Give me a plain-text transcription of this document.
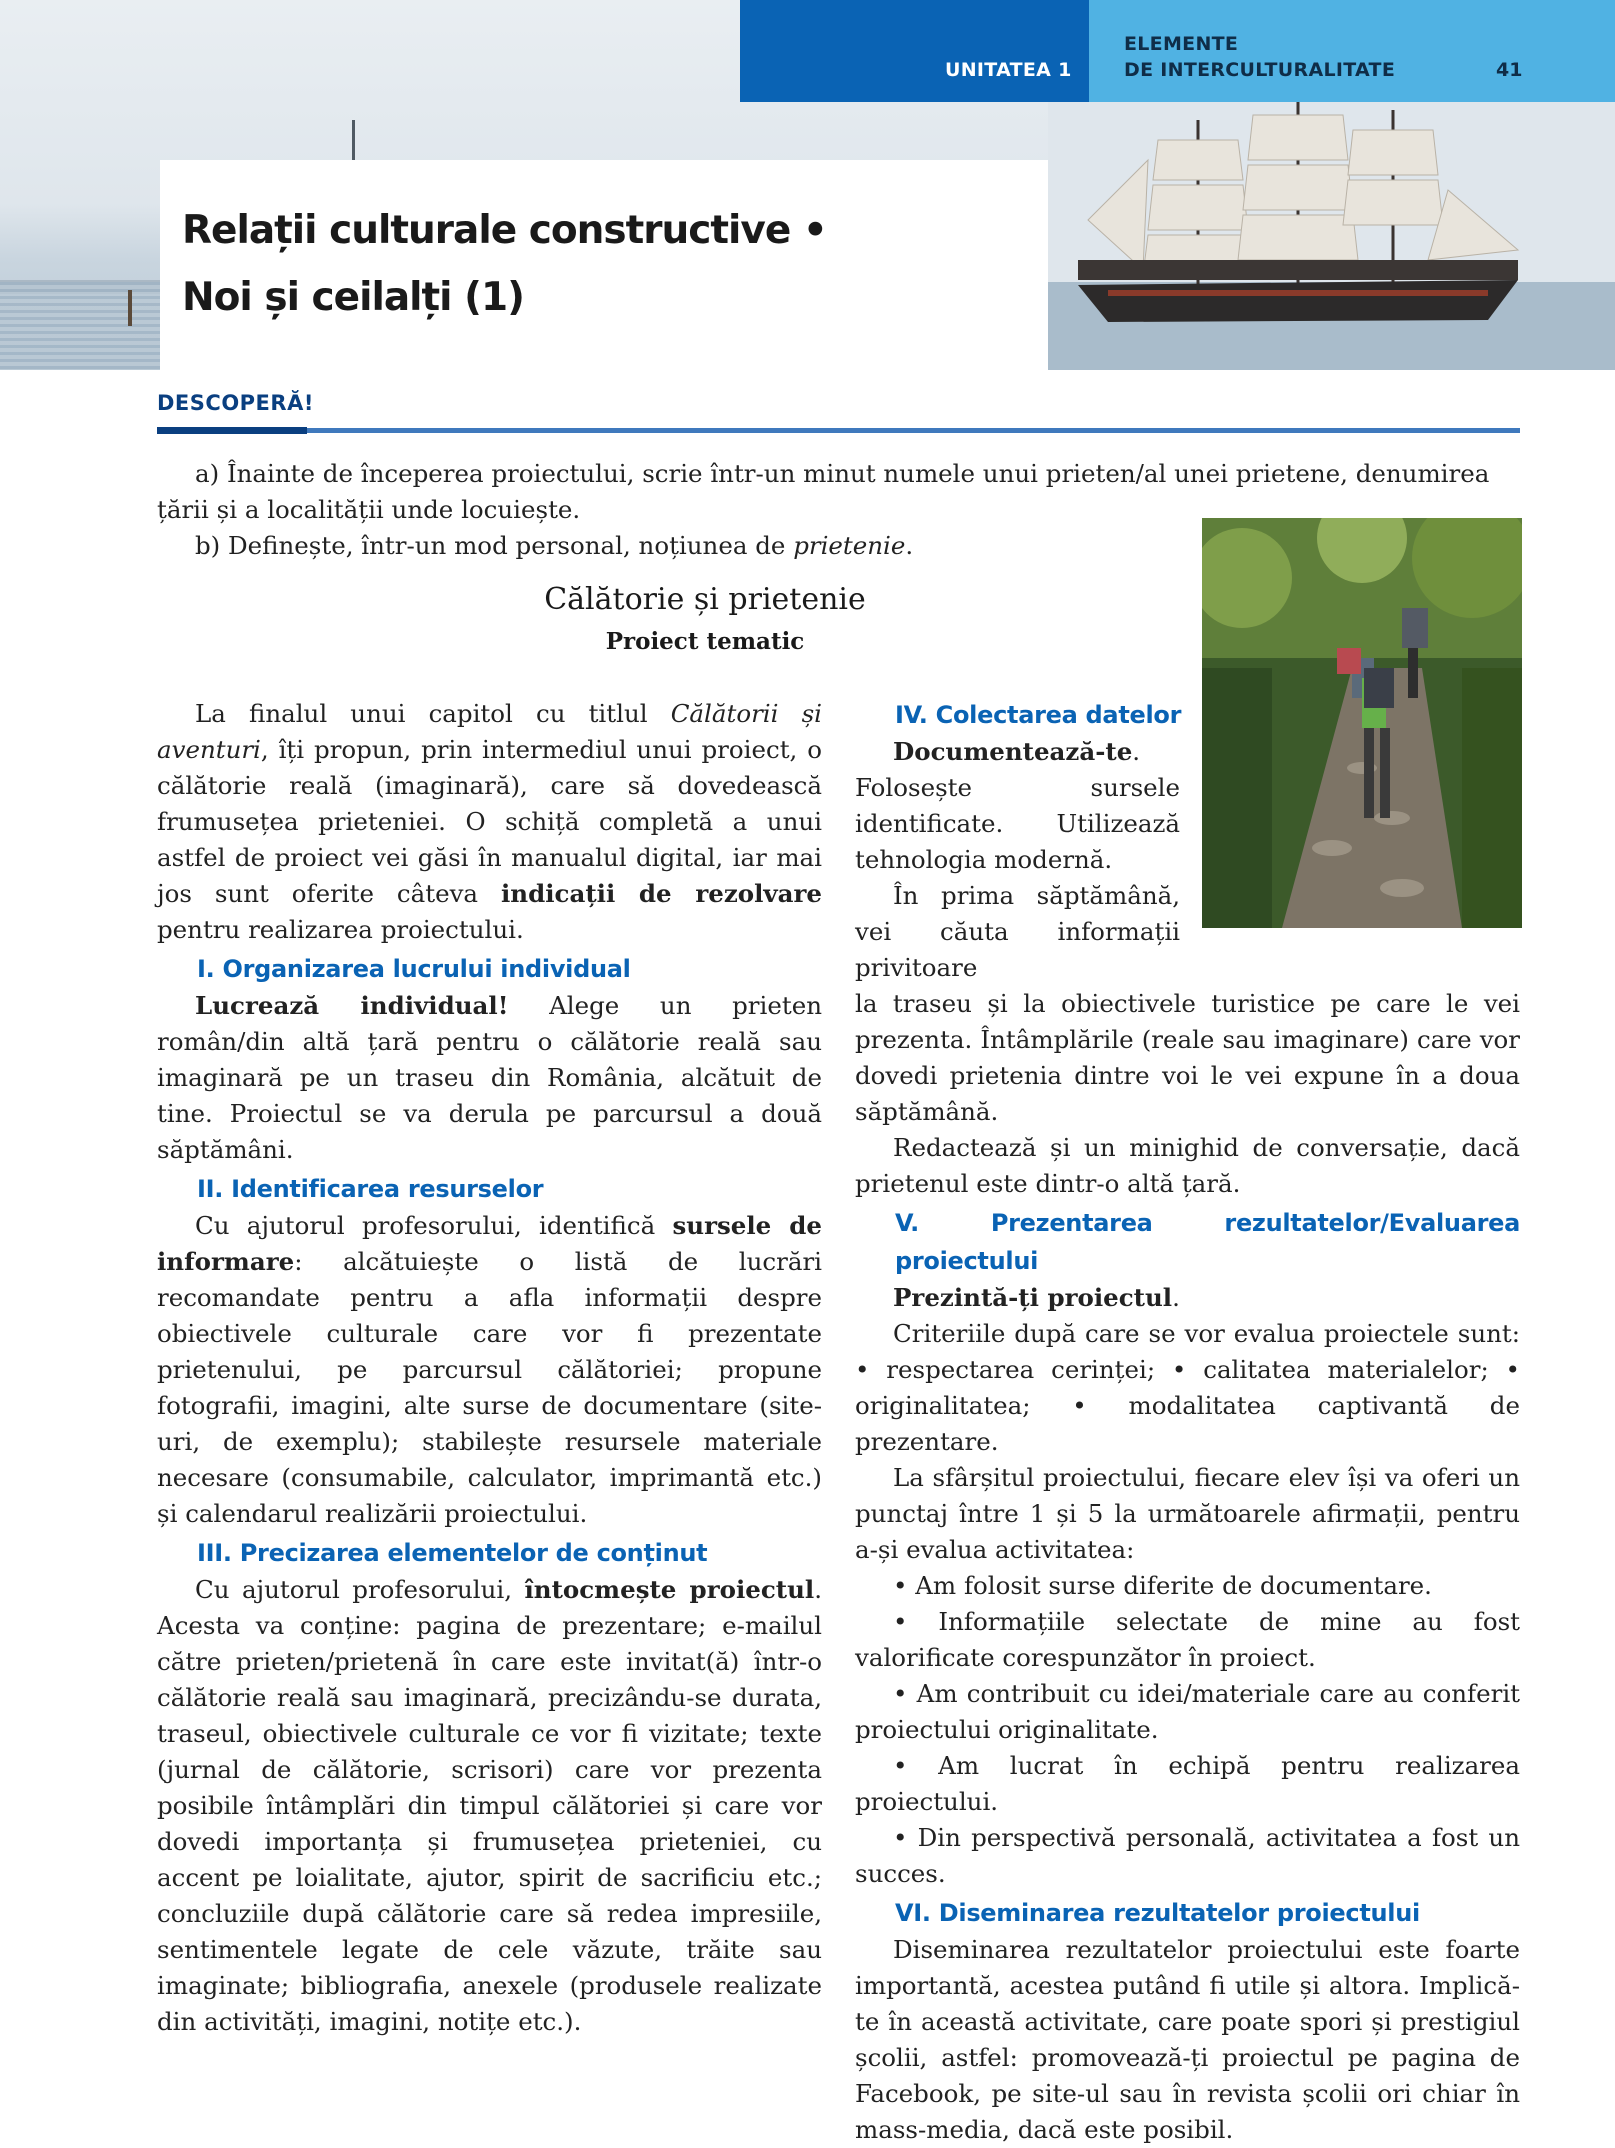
UNITATEA 1
ELEMENTE
DE INTERCULTURALITATE	41
Relații culturale constructive •
Noi și ceilalți (1)
DESCOPERĂ!

a) Înainte de începerea proiectului, scrie într-un minut numele unui prieten/al unei prietene, denumirea țării și a localității unde locuiește.

b) Definește, într-un mod personal, noțiunea de prietenie.

Călătorie și prietenie
Proiect tematic

La finalul unui capitol cu titlul Călătorii și aventuri, îți propun, prin intermediul unui proiect, o călătorie reală (imaginară), care să dovedească frumusețea prieteniei. O schiță completă a unui astfel de proiect vei găsi în manualul digital, iar mai jos sunt oferite câteva indicații de rezolvare pentru realizarea proiectului.

I. Organizarea lucrului individual

Lucrează individual! Alege un prieten român/din altă țară pentru o călătorie reală sau imaginară pe un traseu din România, alcătuit de tine. Proiectul se va derula pe parcursul a două săptămâni.

II. Identificarea resurselor

Cu ajutorul profesorului, identifică sursele de informare: alcătuiește o listă de lucrări recomandate pentru a afla informații despre obiectivele culturale care vor fi prezentate prietenului, pe parcursul călătoriei; propune fotografii, imagini, alte surse de documentare (site-uri, de exemplu); stabilește resursele materiale necesare (consumabile, calculator, imprimantă etc.) și calendarul realizării proiectului.

III. Precizarea elementelor de conținut

Cu ajutorul profesorului, întocmește proiectul. Acesta va conține: pagina de prezentare; e-mailul către prieten/prietenă în care este invitat(ă) într-o călătorie reală sau imaginară, precizându-se durata, traseul, obiectivele culturale ce vor fi vizitate; texte (jurnal de călătorie, scrisori) care vor prezenta posibile întâmplări din timpul călătoriei și care vor dovedi importanța și frumusețea prieteniei, cu accent pe loialitate, ajutor, spirit de sacrificiu etc.; concluziile după călătorie care să redea impresiile, sentimentele legate de cele văzute, trăite sau imaginate; bibliografia, anexele (produsele realizate din activități, imagini, notițe etc.).

IV. Colectarea datelor

Documentează-te. Folosește sursele identificate. Utilizează tehnologia modernă.

În prima săptămână, vei căuta informații privitoare
la traseu și la obiectivele turistice pe care le vei prezenta. Întâmplările (reale sau imaginare) care vor dovedi prietenia dintre voi le vei expune în a doua săptămână.

Redactează și un minighid de conversație, dacă prietenul este dintr-o altă țară.

V. Prezentarea rezultatelor/Evaluarea proiectului

Prezintă-ți proiectul.

Criteriile după care se vor evalua proiectele sunt: • respectarea cerinței; • calitatea materialelor; • originalitatea; • modalitatea captivantă de prezentare.

La sfârșitul proiectului, fiecare elev își va oferi un punctaj între 1 și 5 la următoarele afirmații, pentru a-și evalua activitatea:

• Am folosit surse diferite de documentare.

• Informațiile selectate de mine au fost valorificate corespunzător în proiect.

• Am contribuit cu idei/materiale care au conferit proiectului originalitate.

• Am lucrat în echipă pentru realizarea proiectului.

• Din perspectivă personală, activitatea a fost un succes.

VI. Diseminarea rezultatelor proiectului

Diseminarea rezultatelor proiectului este foarte importantă, acestea putând fi utile și altora. Implică-te în această activitate, care poate spori și prestigiul școlii, astfel: promovează-ți proiectul pe pagina de Facebook, pe site-ul sau în revista școlii ori chiar în mass-media, dacă este posibil.
